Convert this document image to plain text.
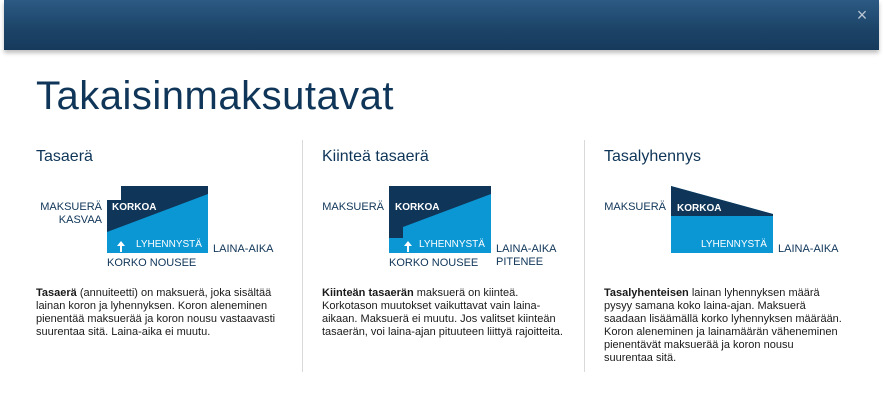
×
Takaisinmaksutavat
Tasaerä
MAKSUERÄ
KASVAA
KORKOA
LYHENNYSTÄ LAINA-AIKA
KORKO NOUSEE
Tasaerä (annuiteetti) on maksuerä, joka sisältää lainan koron ja lyhennyksen. Koron aleneminen pienentää maksuerää ja koron nousu vastaavasti suurentaa sitä. Laina-aika ei muutu.
Kiinteä tasaerä
MAKSUERÄ KORKOA
LYHENNYSTÄ LAINA-AIKA
PITENEE
KORKO NOUSEE
Kiinteän tasaerän maksuerä on kiinteä. Korkotason muutokset vaikuttavat vain laina-aikaan. Maksuerä ei muutu. Jos valitset kiinteän tasaerän, voi laina-ajan pituuteen liittyä rajoitteita.
Tasalyhennys
MAKSUERÄ KORKOA
LYHENNYSTÄ LAINA-AIKA
Tasalyhenteisen lainan lyhennyksen määrä pysyy samana koko laina-ajan. Maksuerä saadaan lisäämällä korko lyhennyksen määrään. Koron aleneminen ja lainamäärän väheneminen pienentävät maksuerää ja koron nousu suurentaa sitä.
